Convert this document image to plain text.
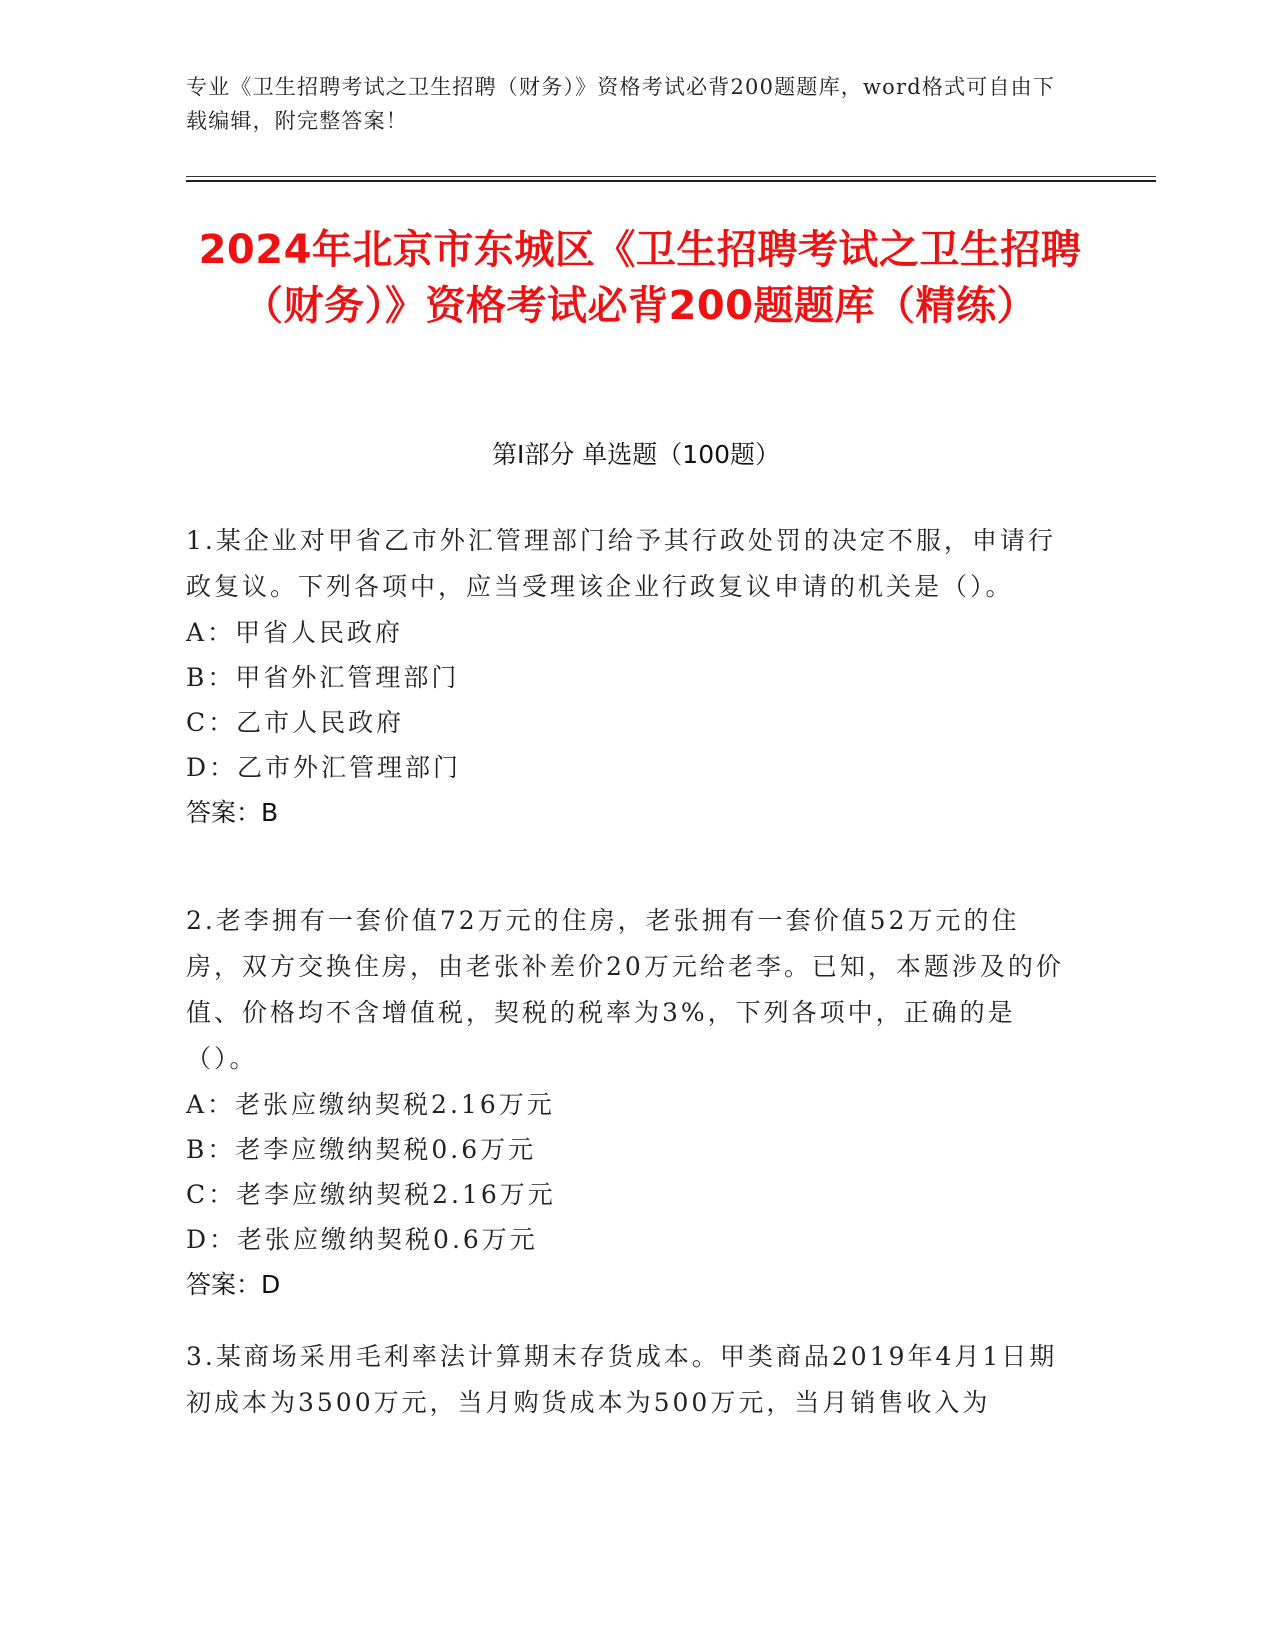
专业《卫生招聘考试之卫生招聘（财务）》资格考试必背200题题库，word格式可自由下载编辑，附完整答案！
2024年北京市东城区《卫生招聘考试之卫生招聘（财务）》资格考试必背200题题库（精练）
第I部分 单选题（100题）

1.某企业对甲省乙市外汇管理部门给予其行政处罚的决定不服，申请行政复议。下列各项中，应当受理该企业行政复议申请的机关是（）。

A：甲省人民政府

B：甲省外汇管理部门

C：乙市人民政府

D：乙市外汇管理部门

答案：B

2.老李拥有一套价值72万元的住房，老张拥有一套价值52万元的住房，双方交换住房，由老张补差价20万元给老李。已知，本题涉及的价值、价格均不含增值税，契税的税率为3%，下列各项中，正确的是（）。

A：老张应缴纳契税2.16万元

B：老李应缴纳契税0.6万元

C：老李应缴纳契税2.16万元

D：老张应缴纳契税0.6万元

答案：D

3.某商场采用毛利率法计算期末存货成本。甲类商品2019年4月1日期初成本为3500万元，当月购货成本为500万元，当月销售收入为
